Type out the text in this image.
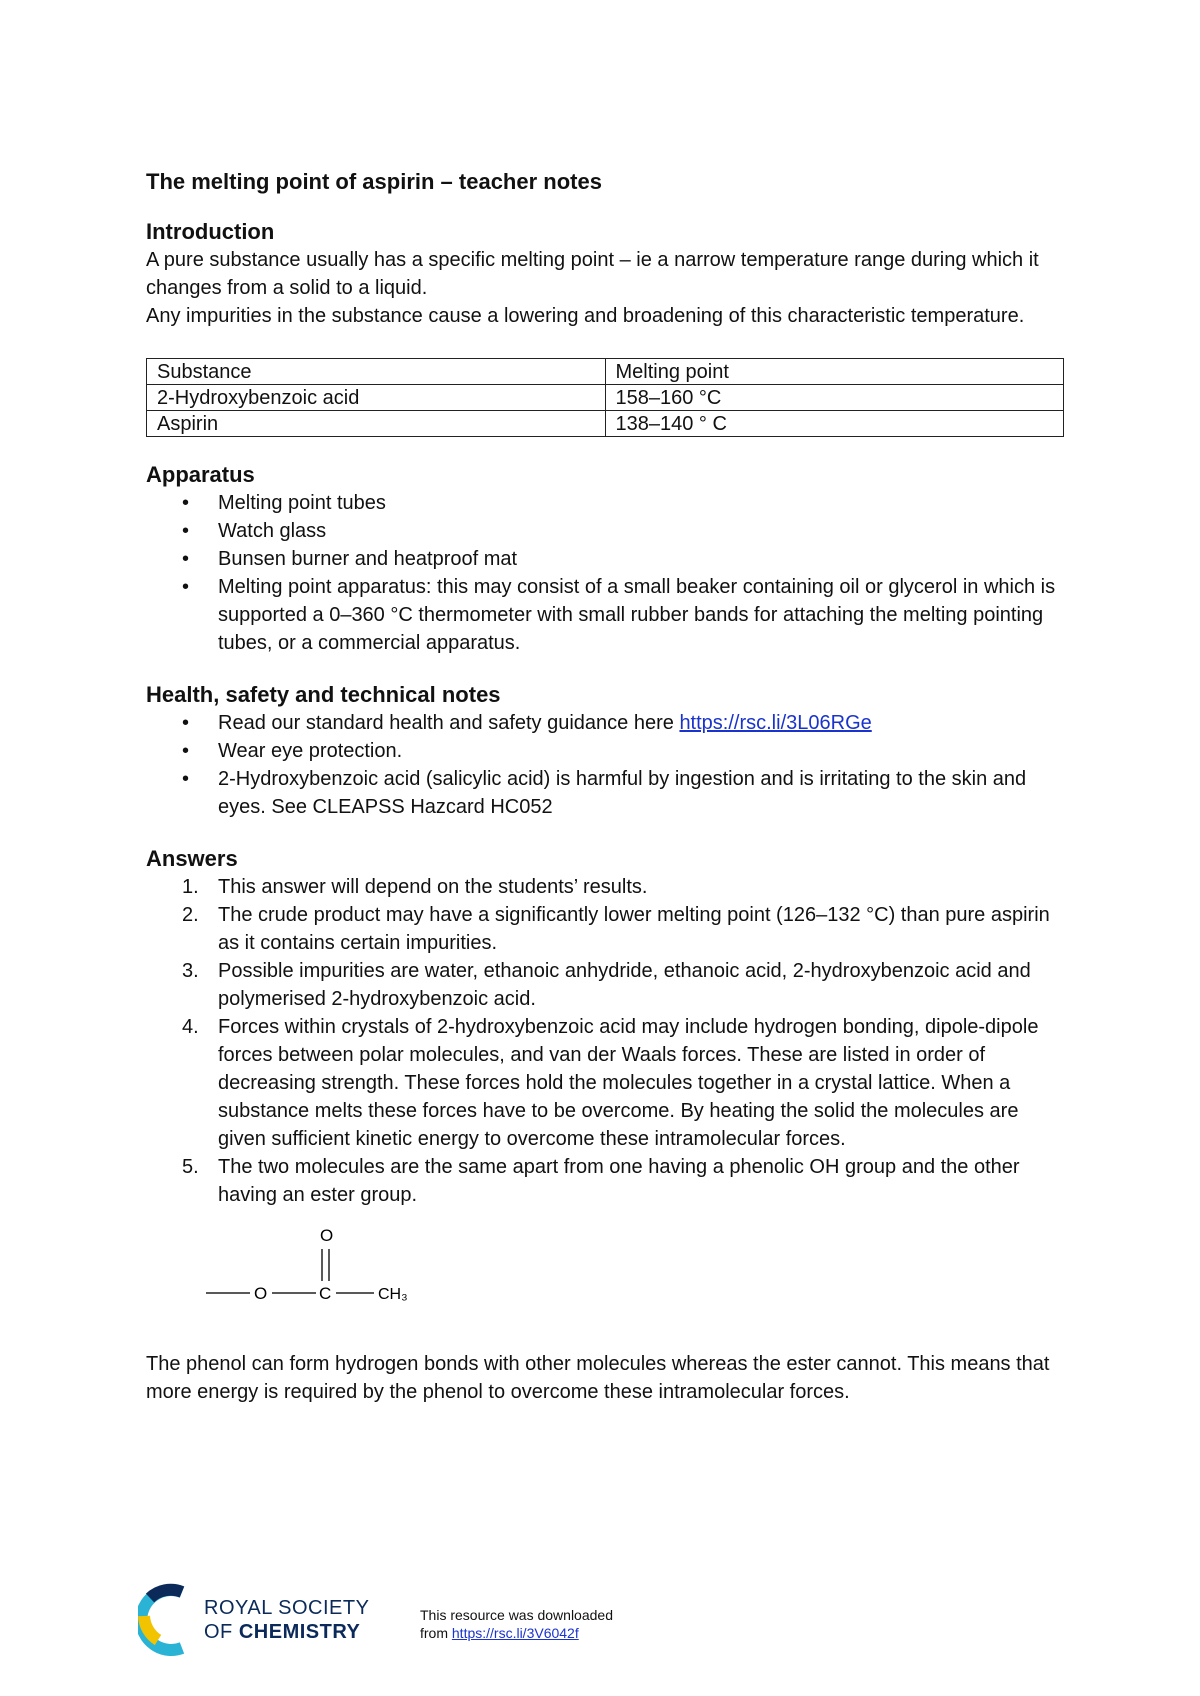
The melting point of aspirin – teacher notes

Introduction

A pure substance usually has a specific melting point – ie a narrow temperature range during which it changes from a solid to a liquid.

Any impurities in the substance cause a lowering and broadening of this characteristic temperature.

Substance	Melting point
2-Hydroxybenzoic acid	158–160 °C
Aspirin	138–140 ° C
Apparatus
• Melting point tubes
• Watch glass
• Bunsen burner and heatproof mat
• Melting point apparatus: this may consist of a small beaker containing oil or glycerol in which is supported a 0–360 °C thermometer with small rubber bands for attaching the melting pointing tubes, or a commercial apparatus.
Health, safety and technical notes
• Read our standard health and safety guidance here https://rsc.li/3L06RGe
• Wear eye protection.
• 2-Hydroxybenzoic acid (salicylic acid) is harmful by ingestion and is irritating to the skin and eyes. See CLEAPSS Hazcard HC052
Answers
1. This answer will depend on the students’ results.
2. The crude product may have a significantly lower melting point (126–132 °C) than pure aspirin as it contains certain impurities.
3. Possible impurities are water, ethanoic anhydride, ethanoic acid, 2-hydroxybenzoic acid and polymerised 2-hydroxybenzoic acid.
4. Forces within crystals of 2-hydroxybenzoic acid may include hydrogen bonding, dipole-dipole forces between polar molecules, and van der Waals forces. These are listed in order of decreasing strength. These forces hold the molecules together in a crystal lattice. When a substance melts these forces have to be overcome. By heating the solid the molecules are given sufficient kinetic energy to overcome these intramolecular forces.
5. The two molecules are the same apart from one having a phenolic OH group and the other having an ester group.
O
O	C	CH₃

The phenol can form hydrogen bonds with other molecules whereas the ester cannot. This means that more energy is required by the phenol to overcome these intramolecular forces.

ROYAL SOCIETY
OF CHEMISTRY
This resource was downloaded
from https://rsc.li/3V6042f
